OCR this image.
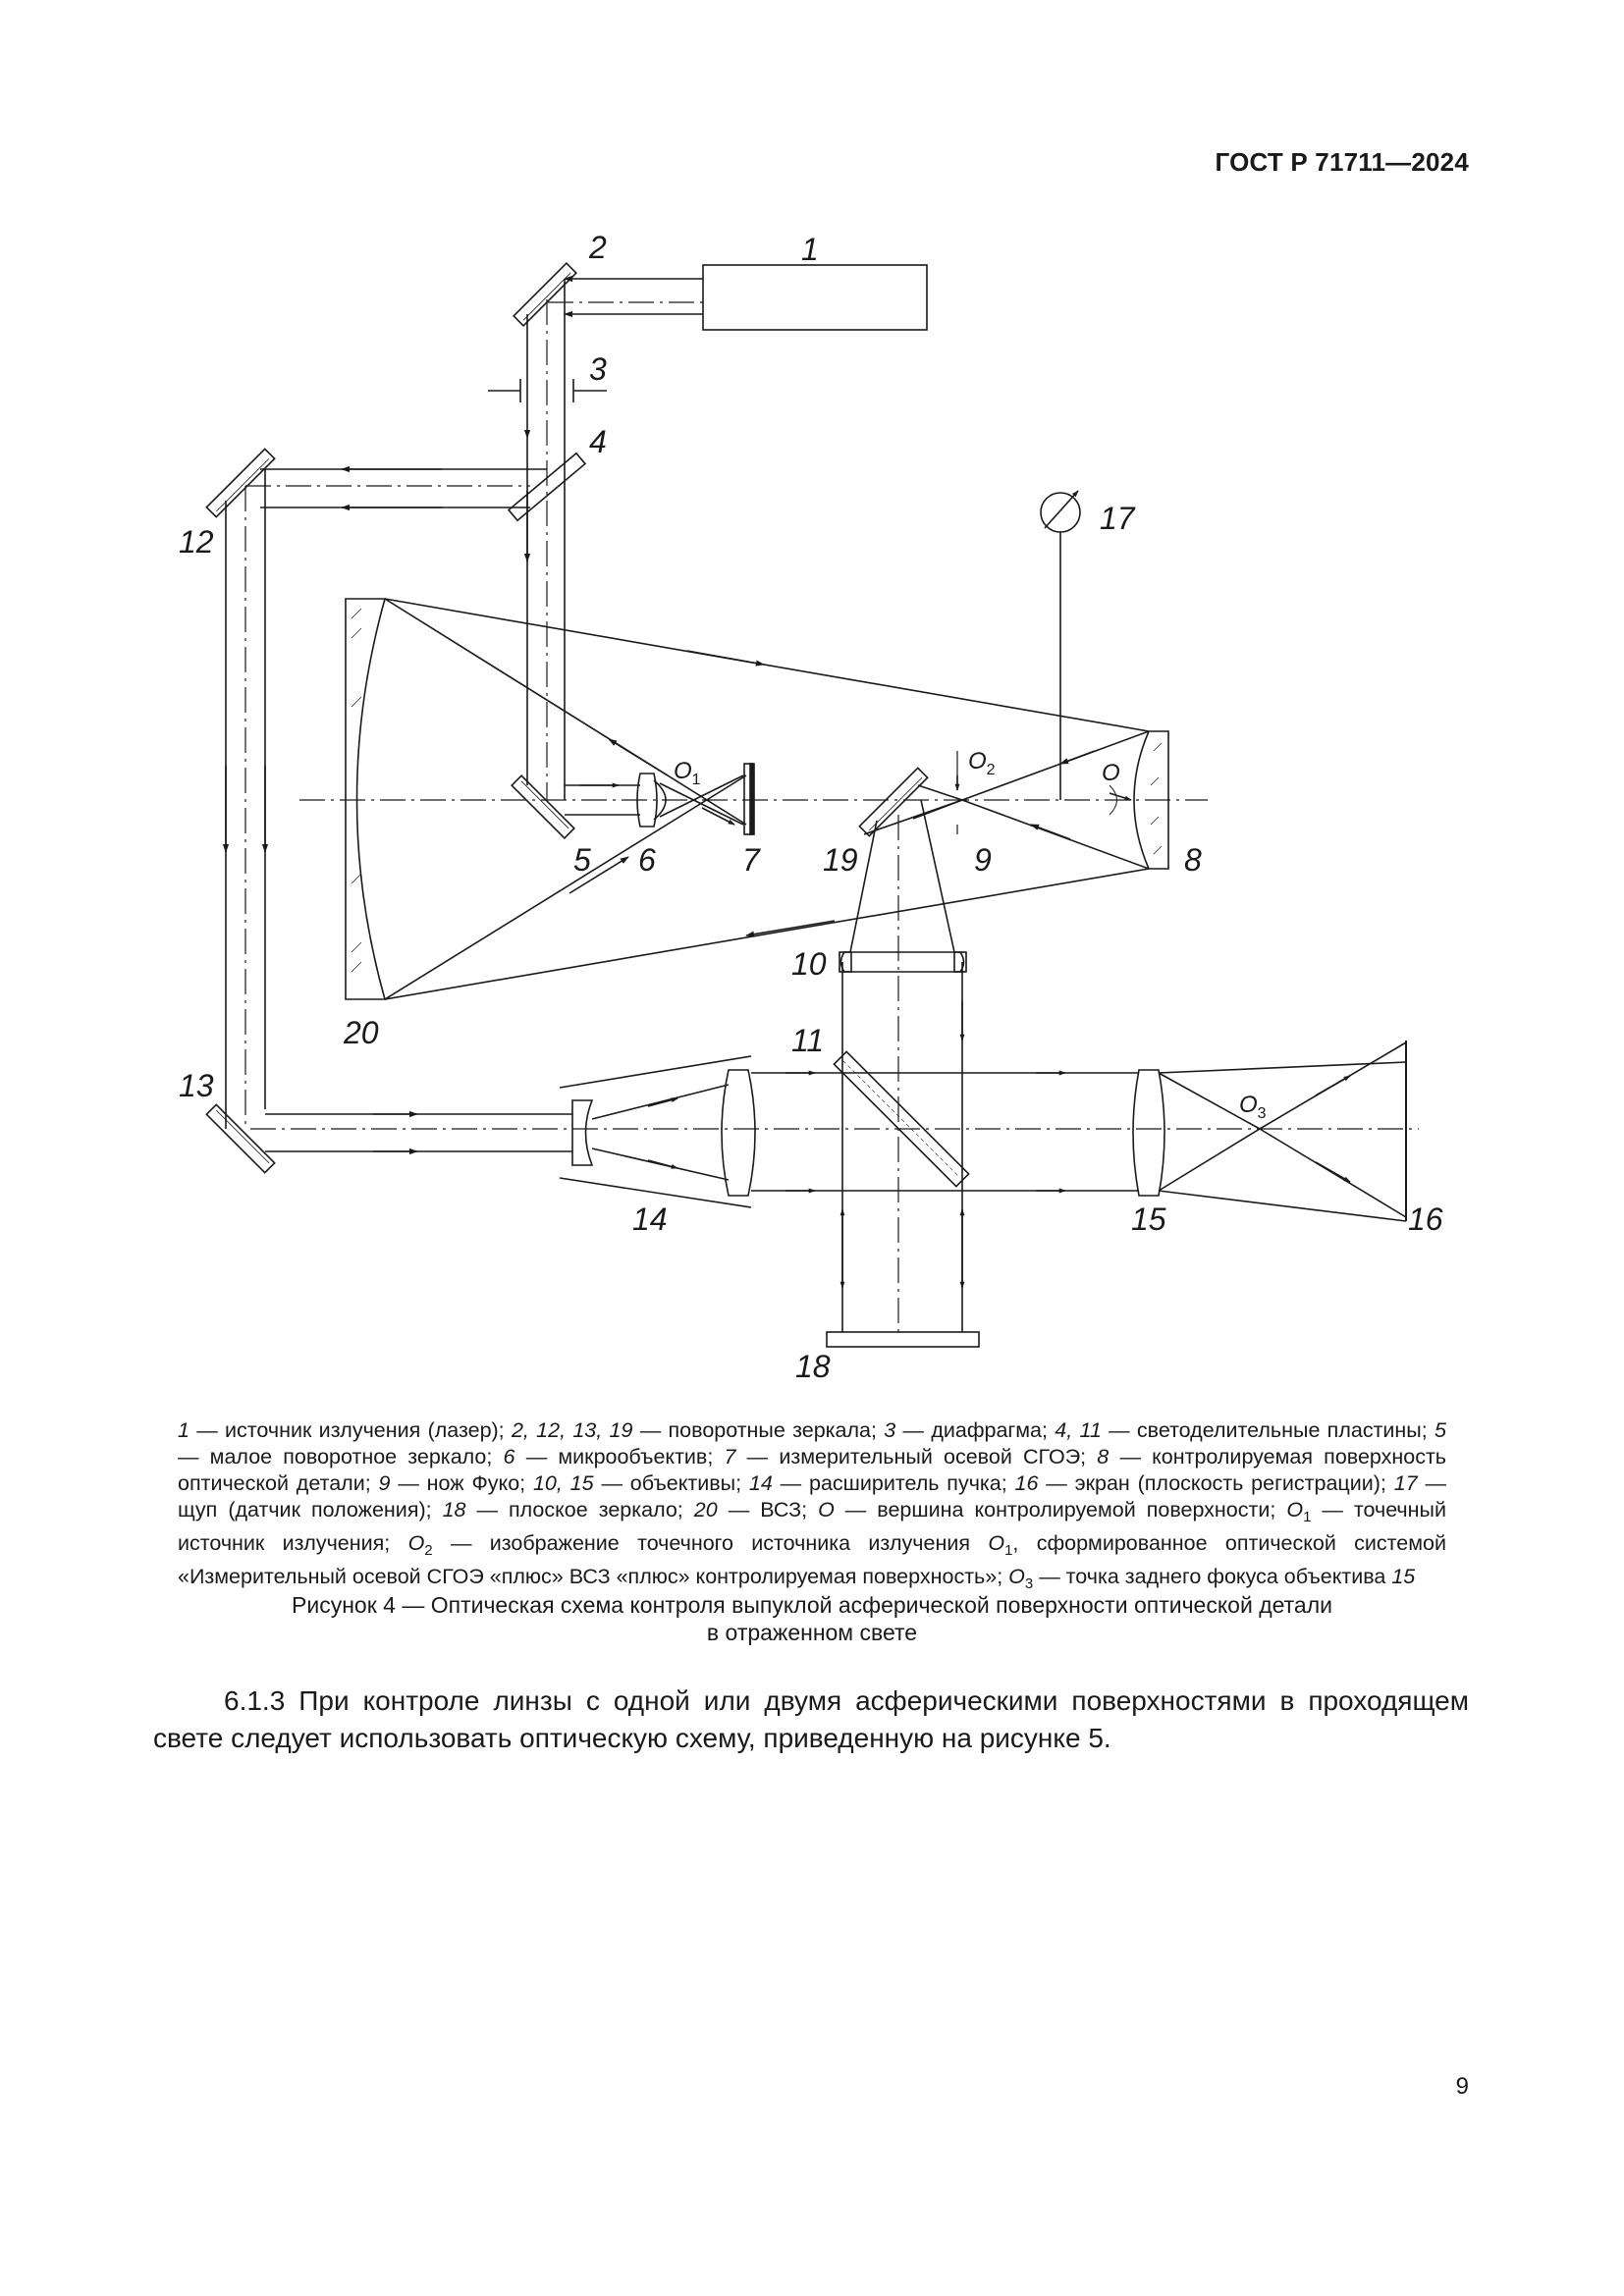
ГОСТ Р 71711—2024
1
2
3
4
5 6	7	8
9
10
11
12
13
14	15	16
17
18
19
20
O
$O_1$
$O_2$
$O_3$
1 — источник излучения (лазер); 2, 12, 13, 19 — поворотные зеркала; 3 — диафрагма; 4, 11 — светоделительные пластины; 5 — малое поворотное зеркало; 6 — микрообъектив; 7 — измерительный осевой СГОЭ; 8 — контролируемая поверхность оптической детали; 9 — нож Фуко; 10, 15 — объективы; 14 — расширитель пучка; 16 — экран (плоскость регистрации); 17 — щуп (датчик положения); 18 — плоское зеркало; 20 — ВСЗ; O — вершина контролируемой поверхности; $O_1$ — точечный источник излучения; $O_2$ — изображение точечного источника излучения $O_1$, сформированное оптической системой «Измерительный осевой СГОЭ «плюс» ВСЗ «плюс» контролируемая поверхность»; $O_3$ — точка заднего фокуса объектива 15
Рисунок 4 — Оптическая схема контроля выпуклой асферической поверхности оптической детали
в отраженном свете
6.1.3 При контроле линзы с одной или двумя асферическими поверхностями в проходящем свете следует использовать оптическую схему, приведенную на рисунке 5.
9
